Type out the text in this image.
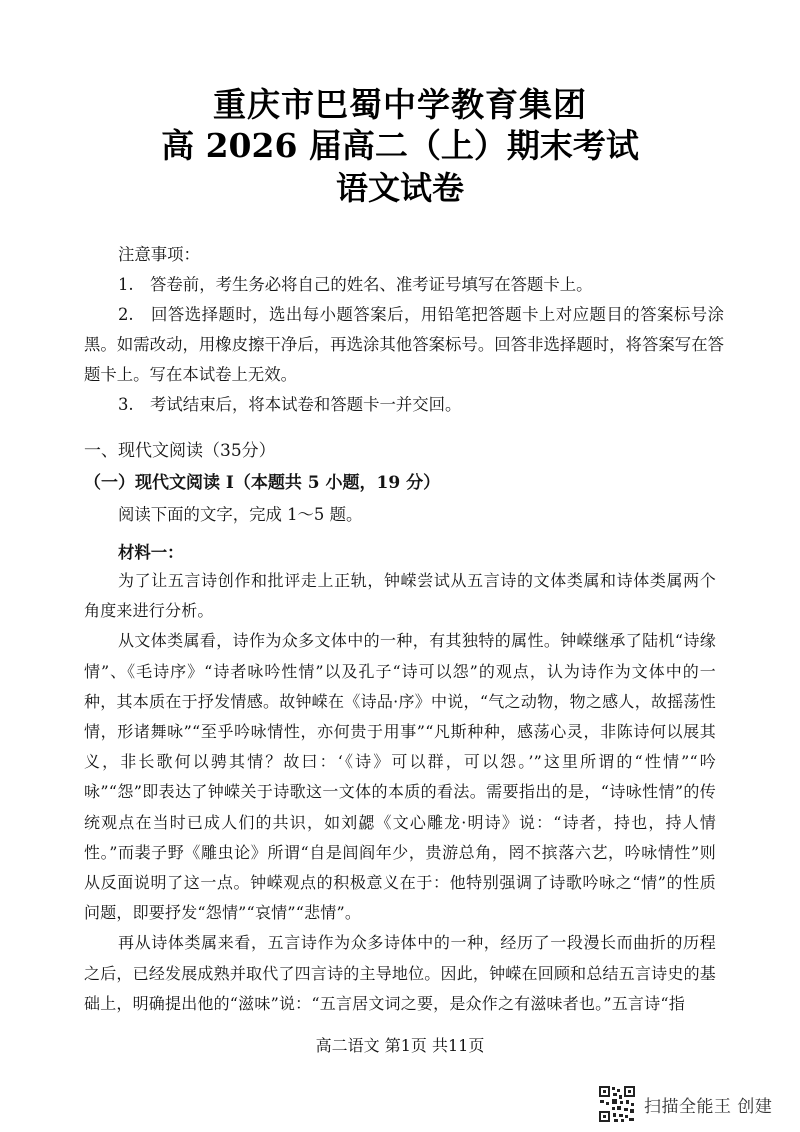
重庆市巴蜀中学教育集团
高 2026 届高二（上）期末考试
语文试卷
注意事项：

1.　答卷前，考生务必将自己的姓名、准考证号填写在答题卡上。

2.　回答选择题时，选出每小题答案后，用铅笔把答题卡上对应题目的答案标号涂黑。如需改动，用橡皮擦干净后，再选涂其他答案标号。回答非选择题时，将答案写在答题卡上。写在本试卷上无效。

3.　考试结束后，将本试卷和答题卡一并交回。

一、现代文阅读（35分）
（一）现代文阅读 I（本题共 5 小题，19 分）
阅读下面的文字，完成 1～5 题。
材料一：

为了让五言诗创作和批评走上正轨，钟嵘尝试从五言诗的文体类属和诗体类属两个角度来进行分析。

从文体类属看，诗作为众多文体中的一种，有其独特的属性。钟嵘继承了陆机“诗缘情”、《毛诗序》“诗者咏吟性情”以及孔子“诗可以怨”的观点，认为诗作为文体中的一种，其本质在于抒发情感。故钟嵘在《诗品·序》中说，“气之动物，物之感人，故摇荡性情，形诸舞咏”“至乎吟咏情性，亦何贵于用事”“凡斯种种，感荡心灵，非陈诗何以展其义，非长歌何以骋其情？故曰：‘《诗》可以群，可以怨。’”这里所谓的“性情”“吟咏”“怨”即表达了钟嵘关于诗歌这一文体的本质的看法。需要指出的是，“诗咏性情”的传统观点在当时已成人们的共识，如刘勰《文心雕龙·明诗》说：“诗者，持也，持人情性。”而裴子野《雕虫论》所谓“自是闾阎年少，贵游总角，罔不摈落六艺，吟咏情性”则从反面说明了这一点。钟嵘观点的积极意义在于：他特别强调了诗歌吟咏之“情”的性质问题，即要抒发“怨情”“哀情”“悲情”。

再从诗体类属来看，五言诗作为众多诗体中的一种，经历了一段漫长而曲折的历程之后，已经发展成熟并取代了四言诗的主导地位。因此，钟嵘在回顾和总结五言诗史的基础上，明确提出他的“滋味”说：“五言居文词之要，是众作之有滋味者也。”五言诗“指

高二语文 第1页 共11页
扫描全能王 创建
